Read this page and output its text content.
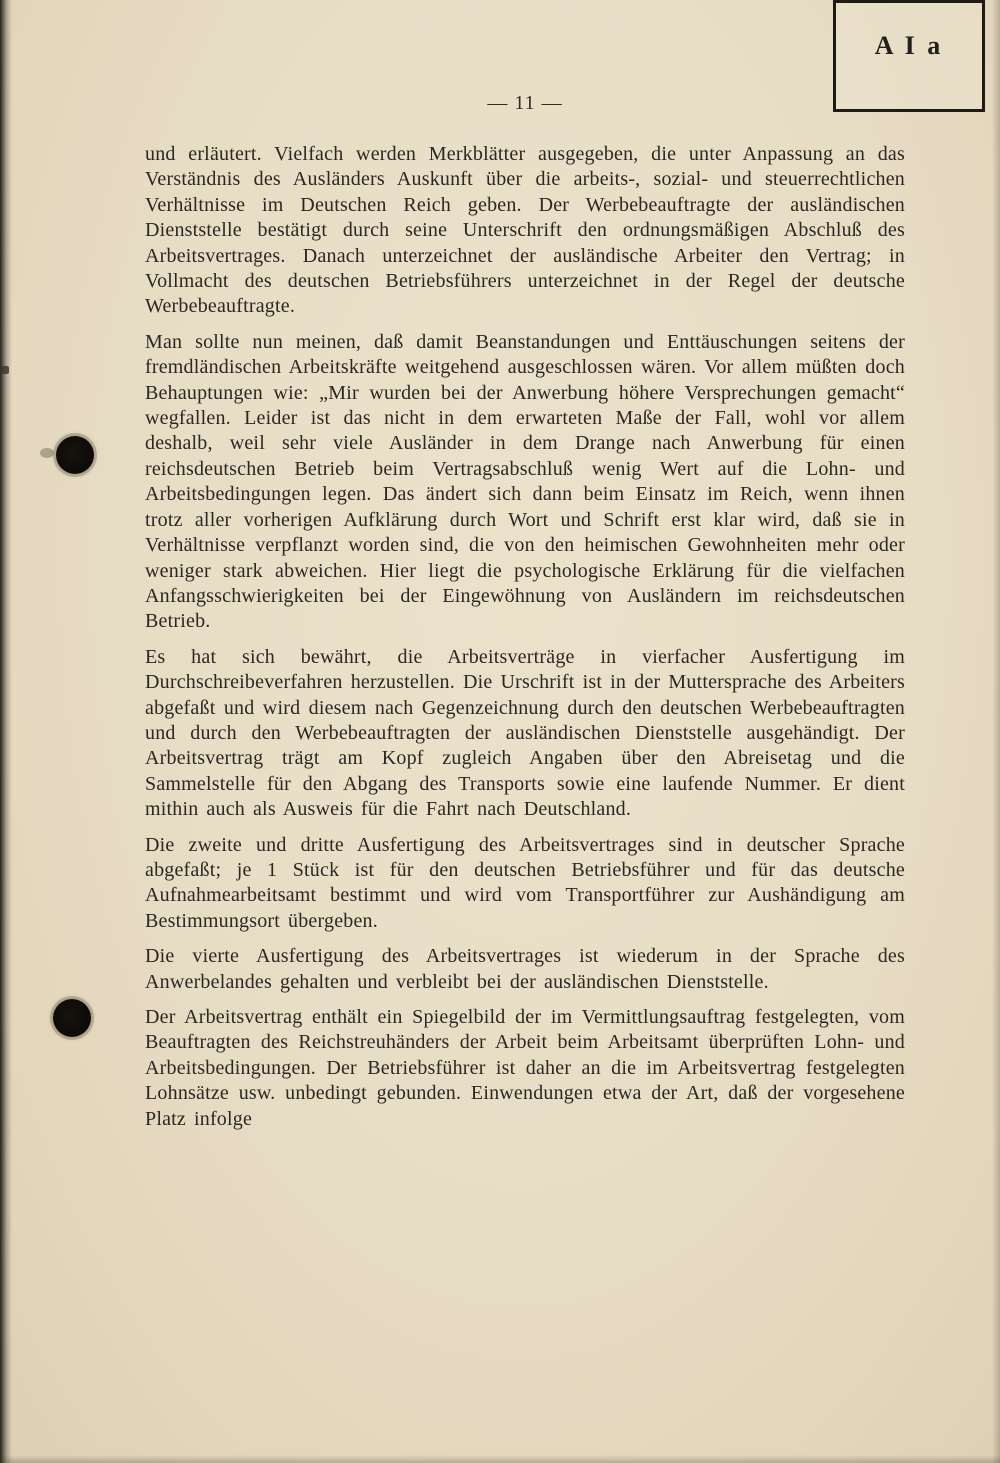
A I a
— 11 —

und erläutert. Vielfach werden Merkblätter ausgegeben, die unter Anpassung an das Verständnis des Ausländers Auskunft über die arbeits-, sozial- und steuerrechtlichen Verhältnisse im Deutschen Reich geben. Der Werbebeauftragte der ausländischen Dienststelle bestätigt durch seine Unterschrift den ordnungsmäßigen Abschluß des Arbeitsvertrages. Danach unterzeichnet der ausländische Arbeiter den Vertrag; in Vollmacht des deutschen Betriebsführers unterzeichnet in der Regel der deutsche Werbebeauftragte.

Man sollte nun meinen, daß damit Beanstandungen und Enttäuschungen seitens der fremdländischen Arbeitskräfte weitgehend ausgeschlossen wären. Vor allem müßten doch Behauptungen wie: „Mir wurden bei der Anwerbung höhere Versprechungen gemacht“ wegfallen. Leider ist das nicht in dem erwarteten Maße der Fall, wohl vor allem deshalb, weil sehr viele Ausländer in dem Drange nach Anwerbung für einen reichsdeutschen Betrieb beim Vertragsabschluß wenig Wert auf die Lohn- und Arbeitsbedingungen legen. Das ändert sich dann beim Einsatz im Reich, wenn ihnen trotz aller vorherigen Aufklärung durch Wort und Schrift erst klar wird, daß sie in Verhältnisse verpflanzt worden sind, die von den heimischen Gewohnheiten mehr oder weniger stark abweichen. Hier liegt die psychologische Erklärung für die vielfachen Anfangsschwierigkeiten bei der Eingewöhnung von Ausländern im reichsdeutschen Betrieb.

Es hat sich bewährt, die Arbeitsverträge in vierfacher Ausfertigung im Durchschreibeverfahren herzustellen. Die Urschrift ist in der Muttersprache des Arbeiters abgefaßt und wird diesem nach Gegenzeichnung durch den deutschen Werbebeauftragten und durch den Werbebeauftragten der ausländischen Dienststelle ausgehändigt. Der Arbeitsvertrag trägt am Kopf zugleich Angaben über den Abreisetag und die Sammelstelle für den Abgang des Transports sowie eine laufende Nummer. Er dient mithin auch als Ausweis für die Fahrt nach Deutschland.

Die zweite und dritte Ausfertigung des Arbeitsvertrages sind in deutscher Sprache abgefaßt; je 1 Stück ist für den deutschen Betriebsführer und für das deutsche Aufnahmearbeitsamt bestimmt und wird vom Transportführer zur Aushändigung am Bestimmungsort übergeben.

Die vierte Ausfertigung des Arbeitsvertrages ist wiederum in der Sprache des Anwerbelandes gehalten und verbleibt bei der ausländischen Dienststelle.

Der Arbeitsvertrag enthält ein Spiegelbild der im Vermittlungsauftrag festgelegten, vom Beauftragten des Reichstreuhänders der Arbeit beim Arbeitsamt überprüften Lohn- und Arbeitsbedingungen. Der Betriebsführer ist daher an die im Arbeitsvertrag festgelegten Lohnsätze usw. unbedingt gebunden. Einwendungen etwa der Art, daß der vorgesehene Platz infolge
